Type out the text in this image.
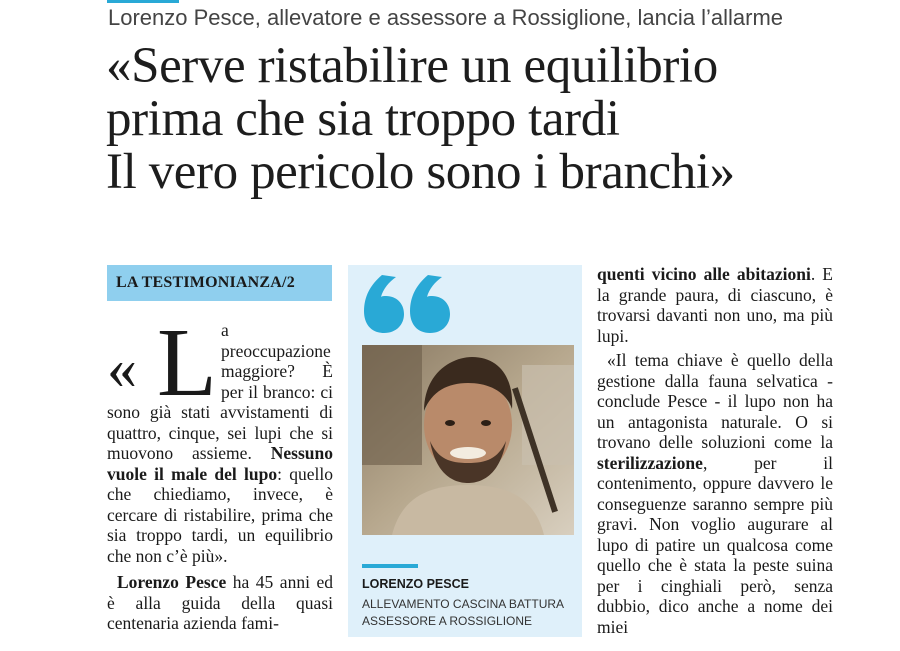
Lorenzo Pesce, allevatore e assessore a Rossiglione, lancia l’allarme
«Serve ristabilire un equilibrio
prima che sia troppo tardi
Il vero pericolo sono i branchi»
LA TESTIMONIANZA/2
« L a preoccupazione maggiore? È per il branco: ci sono già stati avvistamenti di quattro, cinque, sei lupi che si muovono assieme. Nessuno vuole il male del lupo: quello che chiediamo, invece, è cercare di ristabilire, prima che sia troppo tardi, un equilibrio che non c’è più».

Lorenzo Pesce ha 45 anni ed è alla guida della quasi centenaria azienda fami-

LORENZO PESCE
ALLEVAMENTO CASCINA BATTURA ASSESSORE A ROSSIGLIONE

quenti vicino alle abitazioni. E la grande paura, di ciascuno, è trovarsi davanti non uno, ma più lupi.

«Il tema chiave è quello della gestione dalla fauna selvatica - conclude Pesce - il lupo non ha un antagonista naturale. O si trovano delle soluzioni come la sterilizzazione, per il contenimento, oppure davvero le conseguenze saranno sempre più gravi. Non voglio augurare al lupo di patire un qualcosa come quello che è stata la peste suina per i cinghiali però, senza dubbio, dico anche a nome dei miei
